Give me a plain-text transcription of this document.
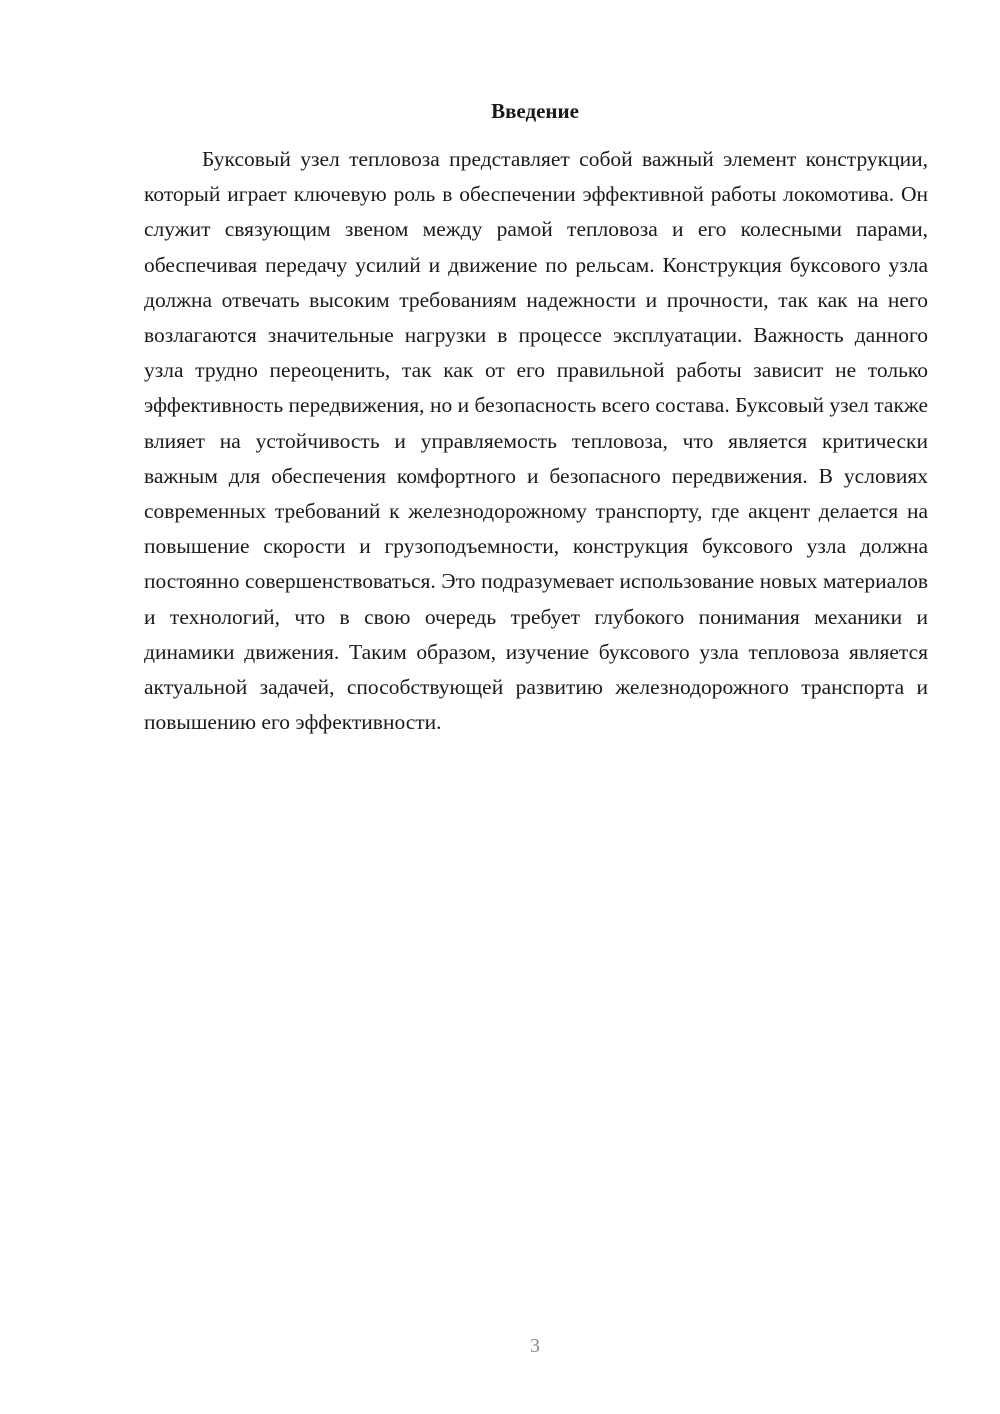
Введение

Буксовый узел тепловоза представляет собой важный элемент конструкции, который играет ключевую роль в обеспечении эффективной работы локомотива. Он служит связующим звеном между рамой тепловоза и его колесными парами, обеспечивая передачу усилий и движение по рельсам. Конструкция буксового узла должна отвечать высоким требованиям надежности и прочности, так как на него возлагаются значительные нагрузки в процессе эксплуатации. Важность данного узла трудно переоценить, так как от его правильной работы зависит не только эффективность передвижения, но и безопасность всего состава. Буксовый узел также влияет на устойчивость и управляемость тепловоза, что является критически важным для обеспечения комфортного и безопасного передвижения. В условиях современных требований к железнодорожному транспорту, где акцент делается на повышение скорости и грузоподъемности, конструкция буксового узла должна постоянно совершенствоваться. Это подразумевает использование новых материалов и технологий, что в свою очередь требует глубокого понимания механики и динамики движения. Таким образом, изучение буксового узла тепловоза является актуальной задачей, способствующей развитию железнодорожного транспорта и повышению его эффективности.

3
